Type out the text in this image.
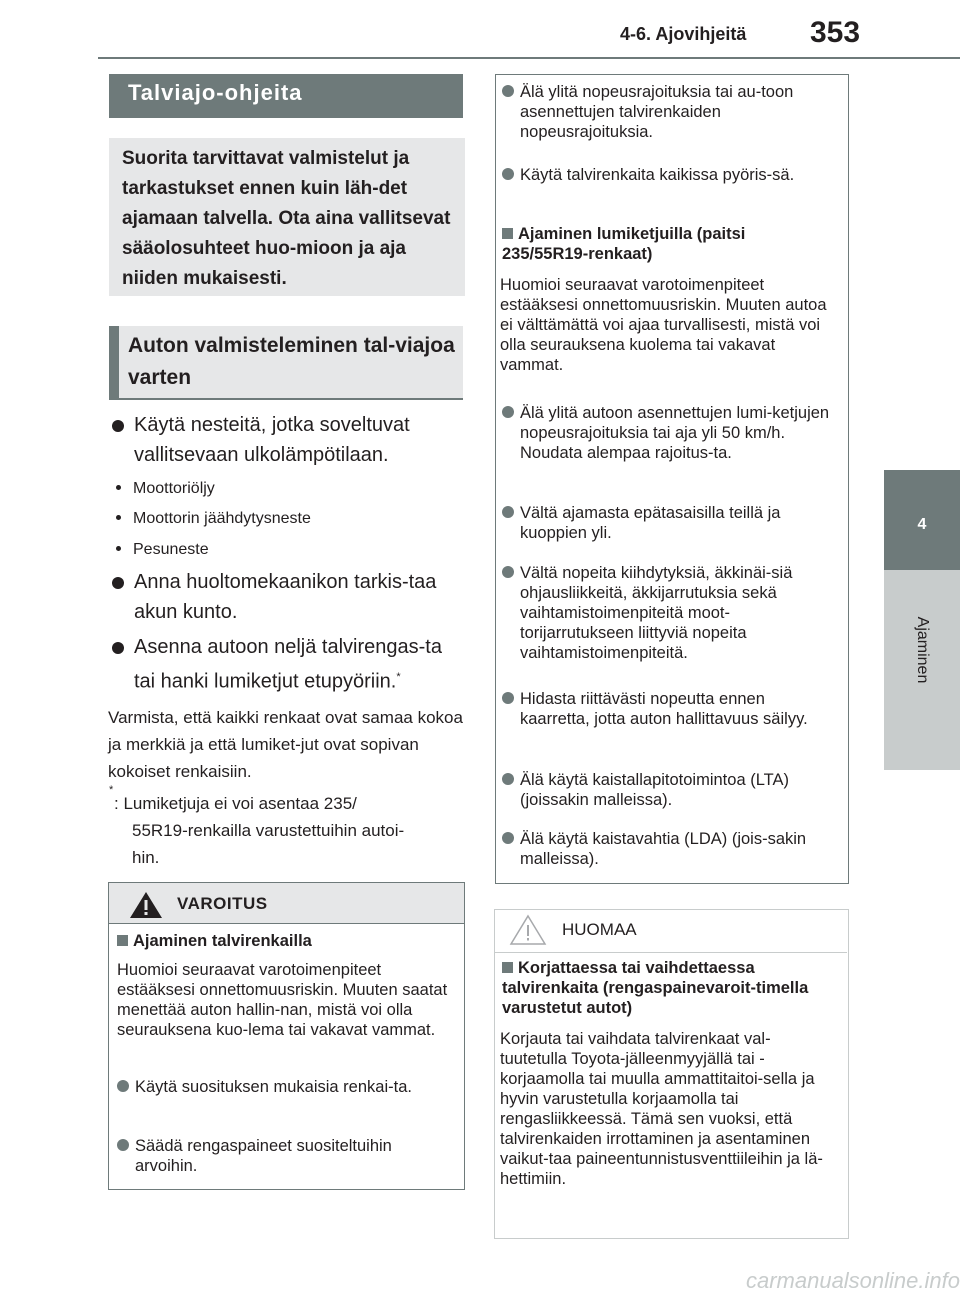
4-6. Ajovihjeitä	353
4
Ajaminen
Talviajo-ohjeita
Suorita tarvittavat valmistelut ja tarkastukset ennen kuin läh-det ajamaan talvella. Ota aina vallitsevat sääolosuhteet huo-mioon ja aja niiden mukaisesti.
Auton valmisteleminen tal-viajoa varten
Käytä nesteitä, jotka soveltuvat vallitsevaan ulkolämpötilaan.
Moottoriöljy
Moottorin jäähdytysneste
Pesuneste
Anna huoltomekaanikon tarkis-taa akun kunto.
Asenna autoon neljä talvirengas-ta tai hanki lumiketjut etupyöriin.*
Varmista, että kaikki renkaat ovat samaa kokoa ja merkkiä ja että lumiket-jut ovat sopivan kokoiset renkaisiin.
*
: Lumiketjuja ei voi asentaa 235/
55R19-renkailla varustettuihin autoi-
hin.
VAROITUS
Ajaminen talvirenkailla
Huomioi seuraavat varotoimenpiteet estääksesi onnettomuusriskin. Muuten saatat menettää auton hallin-nan, mistä voi olla seurauksena kuo-lema tai vakavat vammat.
Käytä suosituksen mukaisia renkai-ta.
Säädä rengaspaineet suositeltuihin arvoihin.
Älä ylitä nopeusrajoituksia tai au-toon asennettujen talvirenkaiden nopeusrajoituksia.
Käytä talvirenkaita kaikissa pyöris-sä.
Ajaminen lumiketjuilla (paitsi 235/55R19-renkaat)
Huomioi seuraavat varotoimenpiteet estääksesi onnettomuusriskin. Muuten autoa ei välttämättä voi ajaa turvallisesti, mistä voi olla seurauksena kuolema tai vakavat vammat.
Älä ylitä autoon asennettujen lumi-ketjujen nopeusrajoituksia tai aja yli 50 km/h. Noudata alempaa rajoitus-ta.
Vältä ajamasta epätasaisilla teillä ja kuoppien yli.
Vältä nopeita kiihdytyksiä, äkkinäi-siä ohjausliikkeitä, äkkijarrutuksia sekä vaihtamistoimenpiteitä moot-torijarrutukseen liittyviä nopeita vaihtamistoimenpiteitä.
Hidasta riittävästi nopeutta ennen kaarretta, jotta auton hallittavuus säilyy.
Älä käytä kaistallapitotoimintoa (LTA) (joissakin malleissa).
Älä käytä kaistavahtia (LDA) (jois-sakin malleissa).
HUOMAA
Korjattaessa tai vaihdettaessa talvirenkaita (rengaspainevaroit-timella varustetut autot)
Korjauta tai vaihdata talvirenkaat val-tuutetulla Toyota-jälleenmyyjällä tai -korjaamolla tai muulla ammattitaitoi-sella ja hyvin varustetulla korjaamolla tai rengasliikkeessä. Tämä sen vuoksi, että talvirenkaiden irrottaminen ja asentaminen vaikut-taa paineentunnistusventtiileihin ja lä-hettimiin.
carmanualsonline.info
